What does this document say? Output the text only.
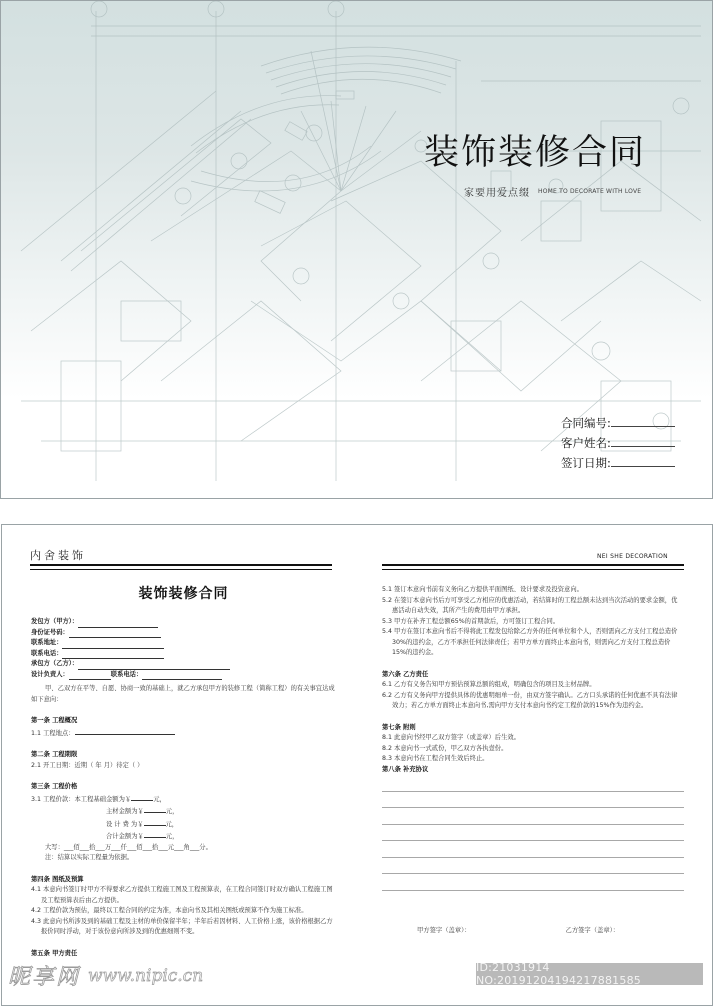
装饰装修合同
家要用爱点缀 HOME TO DECORATE WITH LOVE
合同编号:
客户姓名:
签订日期:
内舍装饰	NEI SHE DECORATION
装饰装修合同
发包方（甲方）：
身份证号码：
联系地址：
联系电话：
承包方（乙方）：
设计负责人：	联系电话：
甲、乙双方在平等、自愿、协商一致的基础上，就乙方承包甲方的装修工程（简称工程）的有关事宜达成如下意向：
第一条 工程概况
1.1 工程地点：
第二条 工程期限
2.1 开工日期：近期（ 年 月）待定（ ）
第三条 工程价格
3.1 工程价款：本工程基础金额为￥	元，
主材金额为￥	元，
设 计 费 为￥	元，
合计金额为￥	元，
大写：___佰___拾___万___仟___佰___拾___元___角___分。
注：结算以实际工程量为依据。
第四条 图纸及预算
4.1 本意向书签订时甲方不得要求乙方提供工程施工图及工程预算表，在工程合同签订时双方确认工程施工图及工程预算表后由乙方提供。
4.2 工程价款为预估，最终以工程合同的约定为准，本意向书及其相关图纸或预算不作为施工标准。
4.3 此意向书所涉及到的基础工程及主材的单价保留半年；半年后若因材料、人工价格上涨，该价格根据乙方报价同时浮动，对于该份意向所涉及到的优惠细则不变。
第五条 甲方责任
5.1 签订本意向书前有义务向乙方提供平面图纸、设计要求及投资意向。
5.2 在签订本意向书后方可享受乙方相应的优惠活动，若结算时的工程总额未达到当次活动的要求金额，优惠活动自动失效，其所产生的费用由甲方承担。
5.3 甲方在补齐工程总额65%的首期款后，方可签订工程合同。
5.4 甲方在签订本意向书后不得将此工程发包给除乙方外的任何单位和个人，否则需向乙方支付工程总造价30%的违约金，乙方不承担任何法律责任；若甲方单方面终止本意向书，则需向乙方支付工程总造价15%的违约金。
第六条 乙方责任
6.1 乙方有义务告知甲方预估预算总额的组成，明确包含的项目及主材品牌。
6.2 乙方有义务向甲方提供具体的优惠明细单一份，由双方签字确认。乙方口头承诺的任何优惠不具有法律效力；若乙方单方面终止本意向书,需向甲方支付本意向书约定工程价款的15%作为违约金。
第七条 附则
8.1 此意向书经甲乙双方签字（或盖章）后生效。
8.2 本意向书一式贰份，甲乙双方各执壹份。
8.3 本意向书在工程合同生效后终止。
第八条 补充协议
甲方签字（盖章）：	乙方签字（盖章）：
昵享网 www.nipic.cn	ID:21031914 NO:20191204194217881585
